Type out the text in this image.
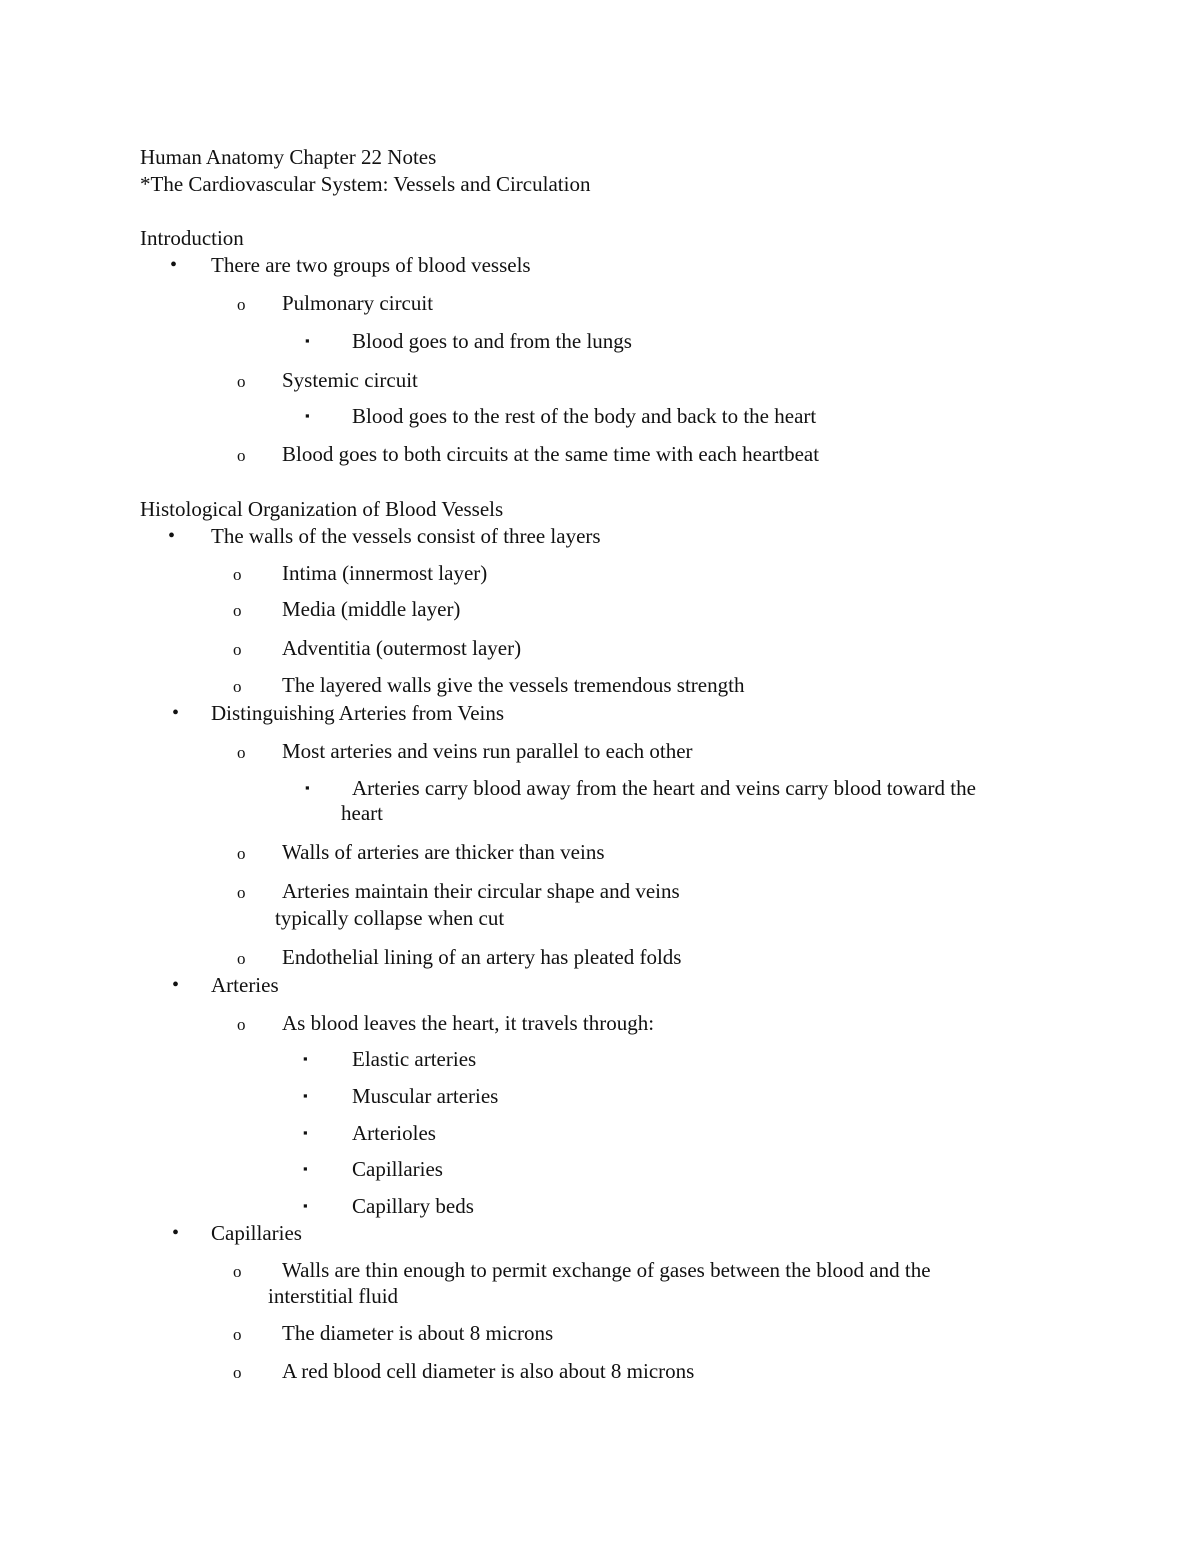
Human Anatomy Chapter 22 Notes
*The Cardiovascular System: Vessels and Circulation
Introduction
• There are two groups of blood vessels
o Pulmonary circuit
▪ Blood goes to and from the lungs
o Systemic circuit
▪ Blood goes to the rest of the body and back to the heart
o Blood goes to both circuits at the same time with each heartbeat
Histological Organization of Blood Vessels
• The walls of the vessels consist of three layers
o Intima (innermost layer)
o Media (middle layer)
o Adventitia (outermost layer)
o The layered walls give the vessels tremendous strength
• Distinguishing Arteries from Veins
o Most arteries and veins run parallel to each other
▪ Arteries carry blood away from the heart and veins carry blood toward the
heart
o Walls of arteries are thicker than veins
o Arteries maintain their circular shape and veins
typically collapse when cut
o Endothelial lining of an artery has pleated folds
• Arteries
o As blood leaves the heart, it travels through:
▪ Elastic arteries
▪ Muscular arteries
▪ Arterioles
▪ Capillaries
▪ Capillary beds
• Capillaries
o Walls are thin enough to permit exchange of gases between the blood and the
interstitial fluid
o The diameter is about 8 microns
o A red blood cell diameter is also about 8 microns
